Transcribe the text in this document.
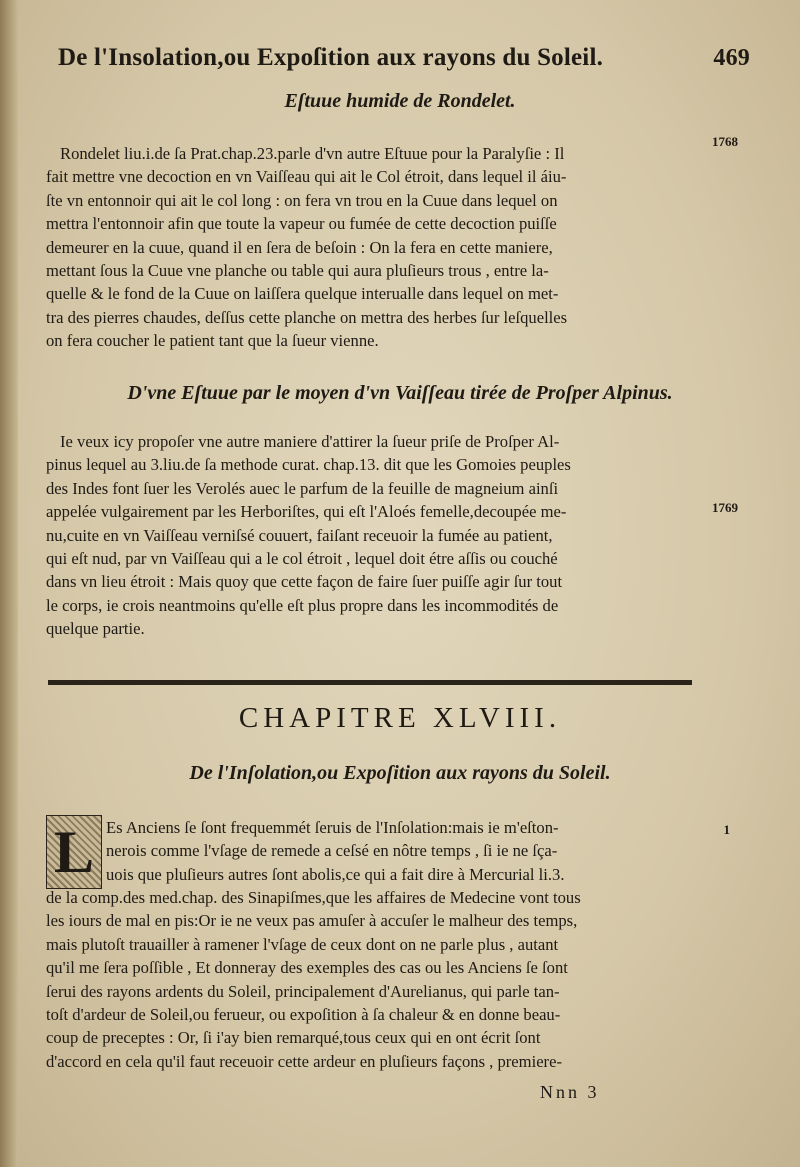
De l'Insolation,ou Expoſition aux rayons du Soleil.	469
Eſtuue humide de Rondelet.
1768
Rondelet liu.i.de ſa Prat.chap.23.parle d'vn autre Eſtuue pour la Paralyſie : Il
fait mettre vne decoction en vn Vaiſſeau qui ait le Col étroit, dans lequel il áiu-
ſte vn entonnoir qui ait le col long : on fera vn trou en la Cuue dans lequel on
mettra l'entonnoir afin que toute la vapeur ou fumée de cette decoction puiſſe
demeurer en la cuue, quand il en ſera de beſoin : On la fera en cette maniere,
mettant ſous la Cuue vne planche ou table qui aura pluſieurs trous , entre la-
quelle & le fond de la Cuue on laiſſera quelque interualle dans lequel on met-
tra des pierres chaudes, deſſus cette planche on mettra des herbes ſur leſquelles
on fera coucher le patient tant que la ſueur vienne.
D'vne Eſtuue par le moyen d'vn Vaiſſeau tirée de Proſper Alpinus.
1769
Ie veux icy propoſer vne autre maniere d'attirer la ſueur priſe de Proſper Al-
pinus lequel au 3.liu.de ſa methode curat. chap.13. dit que les Gomoies peuples
des Indes font ſuer les Verolés auec le parfum de la feuille de magneium ainſi
appelée vulgairement par les Herboriſtes, qui eſt l'Aloés femelle,decoupée me-
nu,cuite en vn Vaiſſeau verniſsé couuert, faiſant receuoir la fumée au patient,
qui eſt nud, par vn Vaiſſeau qui a le col étroit , lequel doit étre aſſis ou couché
dans vn lieu étroit : Mais quoy que cette façon de faire ſuer puiſſe agir ſur tout
le corps, ie crois neantmoins qu'elle eſt plus propre dans les incommodités de
quelque partie.
CHAPITRE XLVIII.
De l'Inſolation,ou Expoſition aux rayons du Soleil.
L	1
Es Anciens ſe ſont frequemmét ſeruis de l'Inſolation:mais ie m'eſton-
nerois comme l'vſage de remede a ceſsé en nôtre temps , ſi ie ne ſça-
uois que pluſieurs autres ſont abolis,ce qui a fait dire à Mercurial li.3.
de la comp.des med.chap. des Sinapiſmes,que les affaires de Medecine vont tous
les iours de mal en pis:Or ie ne veux pas amuſer à accuſer le malheur des temps,
mais plutoſt trauailler à ramener l'vſage de ceux dont on ne parle plus , autant
qu'il me ſera poſſible , Et donneray des exemples des cas ou les Anciens ſe ſont
ſerui des rayons ardents du Soleil, principalement d'Aurelianus, qui parle tan-
toſt d'ardeur de Soleil,ou ferueur, ou expoſition à ſa chaleur & en donne beau-
coup de preceptes : Or, ſi i'ay bien remarqué,tous ceux qui en ont écrit ſont
d'accord en cela qu'il faut receuoir cette ardeur en pluſieurs façons , premiere-
Nnn 3
